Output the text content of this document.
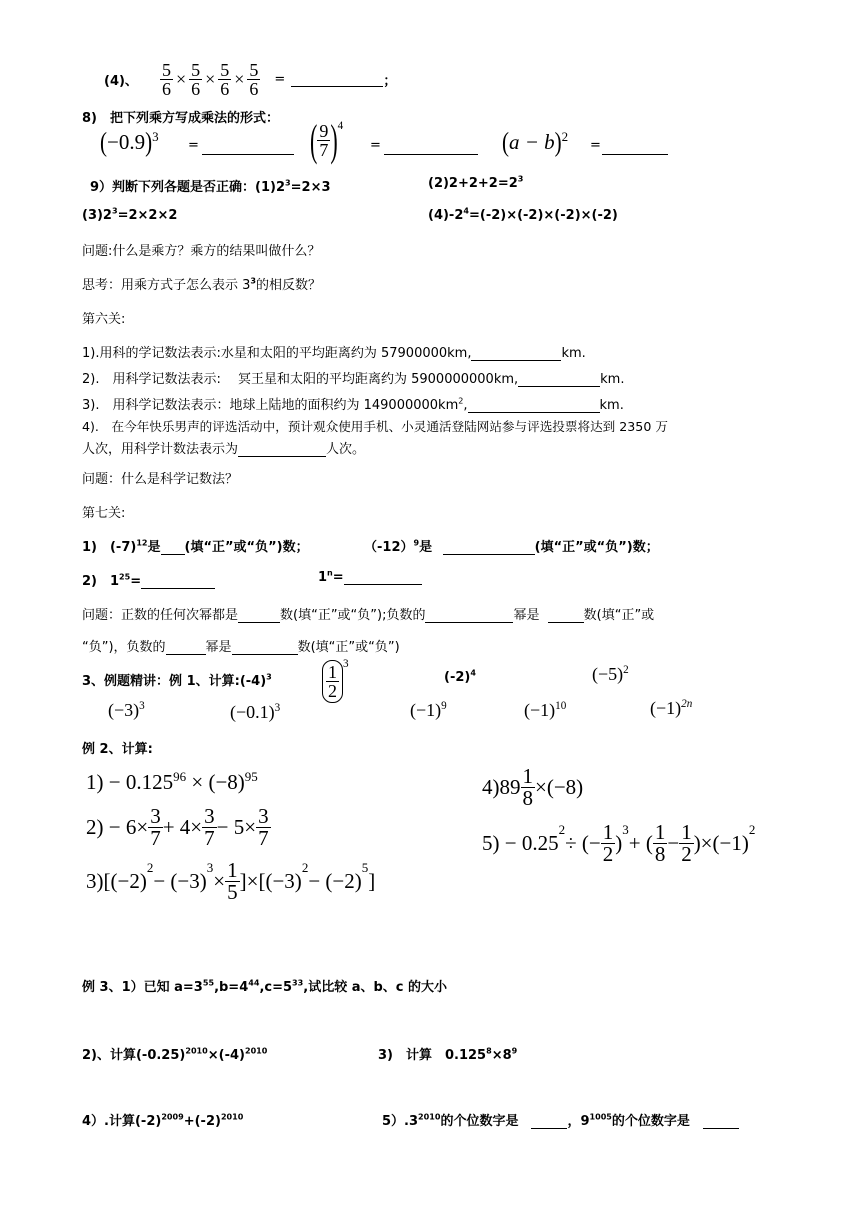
(4)、 $\frac{5}{6} \times \frac{5}{6} \times \frac{5}{6} \times \frac{5}{6}$ =	；
8)　把下列乘方写成乘法的形式：
$(-0.9)^3$
=	( $\frac{9}{7}$ ) 4
=	$(a - b)^2$
=
9）判断下列各题是否正确：$(1)2^3=2\times 3$	$(2)2+2+2=2^3$
$(3)2^3=2\times 2\times 2$	$(4)-2^4=(-2)\times(-2)\times(-2)\times(-2)$
问题:什么是乘方？乘方的结果叫做什么？
思考：用乘方式子怎么表示 $3^3$的相反数？
第六关:
1).用科的学记数法表示:水星和太阳的平均距离约为 57900000km,	km.
2).　用科学记数法表示:　 冥王星和太阳的平均距离约为 5900000000km,	km.
3).　用科学记数法表示：地球上陆地的面积约为 $149000000km^2$,	km.
4).　在今年快乐男声的评选活动中，预计观众使用手机、小灵通活登陆网站参与评选投票将达到 2350 万
人次，用科学计数法表示为	人次。
问题：什么是科学记数法？
第七关:
1)　$(-7)^{12}$是 (填“正”或“负”)数；	$(-12)^9$是	(填“正”或“负”)数；
2)　$1^{25}=$	$1^n=$
问题：正数的任何次幂都是	数(填“正”或“负”);负数的	幂是	数(填“正”或
“负”)，负数的	幂是	数(填“正”或“负”)
3、例题精讲：例 1、计算$:(-4)^3$	$\frac{1}{2} 3$
$(-2)^4$	$(-5)^2$
$(-3)^3$	$(-0.1)^3$	$(-1)^9$	$(-1)^{10}$	$(-1)^{2n}$
例 2、计算:
$1) - 0.125^{96} \times (-8)^{95}$
$2) - 6\times \frac{3}{7} + 4\times \frac{3}{7} - 5\times \frac{3}{7}$
3)[(−2)
2
− (−3)
3
× $\frac{1}{5} ]\times[(-3)$
2
− (−2)
5
]
$4)89 \frac{1}{8} \times(-8)$
5) − 0.25
2
÷ (− $\frac{1}{2}$ )
3
+ ( $\frac{1}{8} - \frac{1}{2} )\times(-1)$
2
例 3、1）已知 $a=3^{55},b=4^{44},c=5^{33}$,试比较 a、b、c 的大小
2)、计算$(-0.25)^{2010}\times(-4)^{2010}$	3)　计算　$0.125^8\times 8^9$
4）.计算$(-2)^{2009}+(-2)^{2010}$	$5).3^{2010}$的个位数字是　	，$9^{1005}$的个位数字是　
